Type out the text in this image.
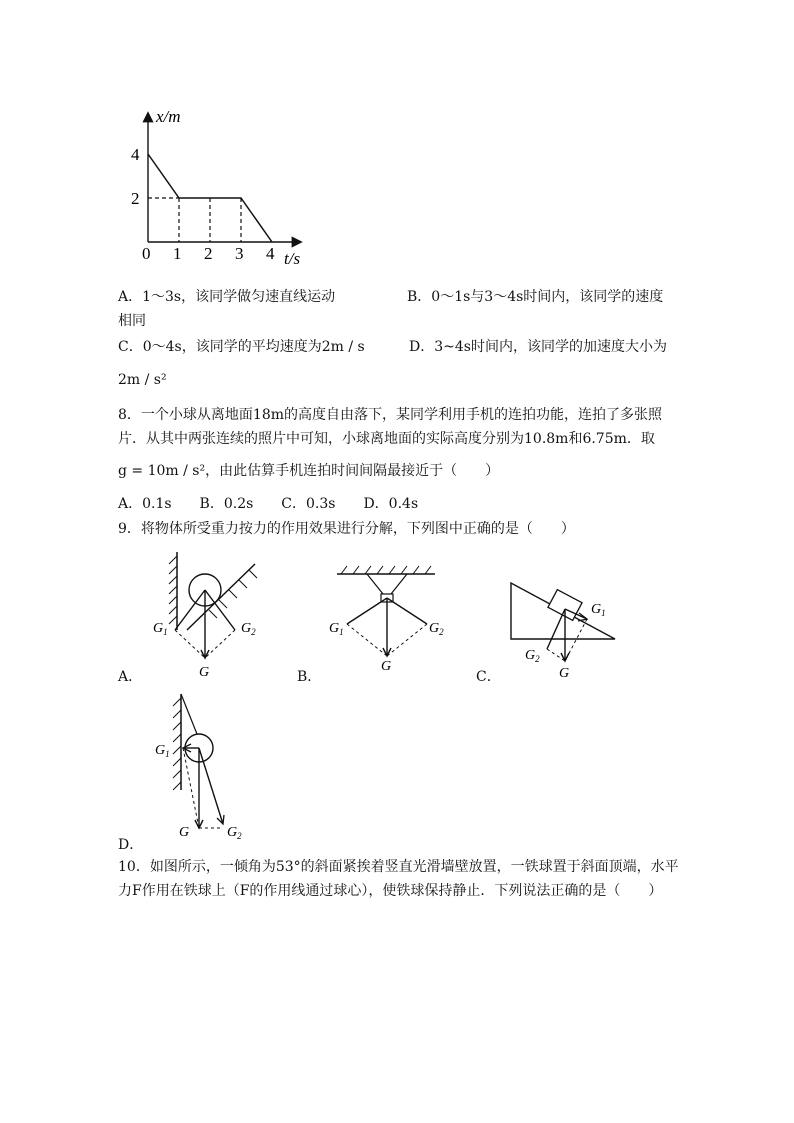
x/m
t/s
4
2
0 1 2 3 4
A．1～3s，该同学做匀速直线运动	B．0～1s与3～4s时间内，该同学的速度
相同
C．0～4s，该同学的平均速度为2m / s	D．3~4s时间内，该同学的加速度大小为
2m / s²
8．一个小球从离地面18m的高度自由落下，某同学利用手机的连拍功能，连拍了多张照
片．从其中两张连续的照片中可知，小球离地面的实际高度分别为10.8m和6.75m．取
g = 10m / s²，由此估算手机连拍时间间隔最接近于（　　）
A．0.1s　　B．0.2s　　C．0.3s　　D．0.4s
9．将物体所受重力按力的作用效果进行分解，下列图中正确的是（　　）
$G_1$	$G_2$
G
A．
$G_1$	$G_2$
G
B．
$G_1$
$G_2$
G
C．
$G_1$
G	$G_2$
D．
10．如图所示，一倾角为53°的斜面紧挨着竖直光滑墙壁放置，一铁球置于斜面顶端，水平
力F作用在铁球上（F的作用线通过球心），使铁球保持静止．下列说法正确的是（　　）
